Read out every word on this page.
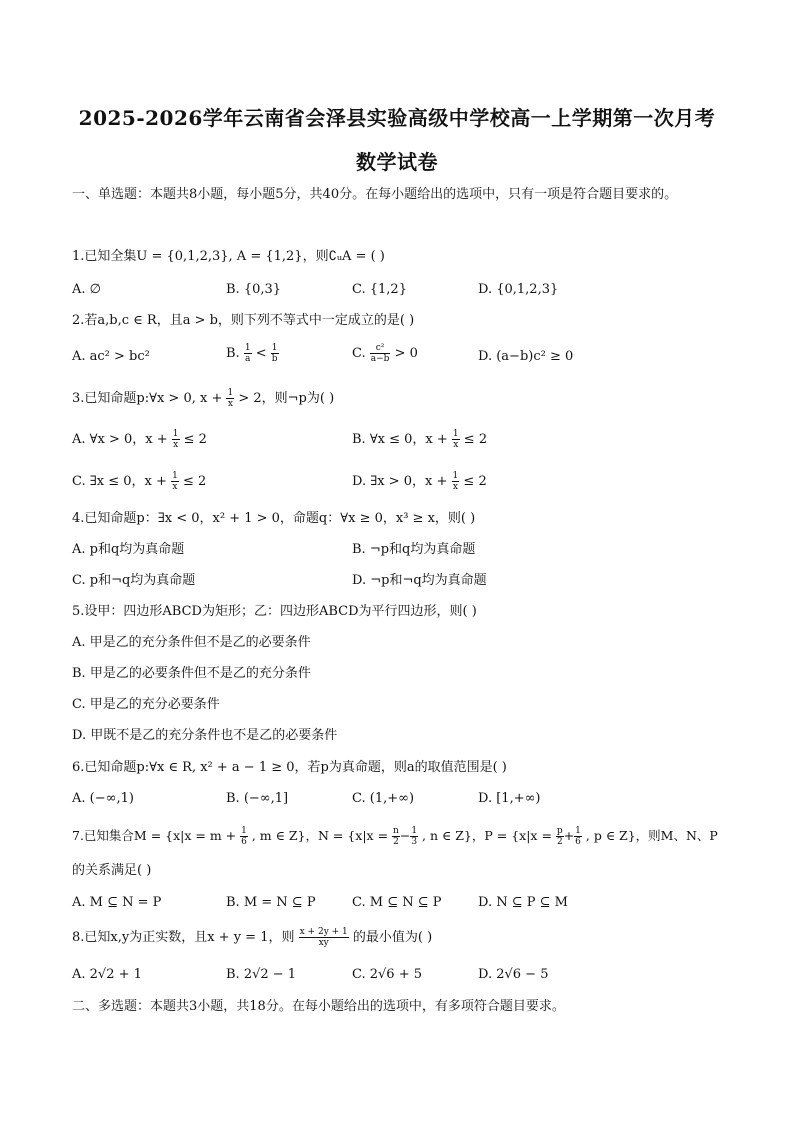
2025-2026学年云南省会泽县实验高级中学校高一上学期第一次月考
数学试卷
一、单选题：本题共8小题，每小题5分，共40分。在每小题给出的选项中，只有一项是符合题目要求的。
1.已知全集U = {0,1,2,3}, A = {1,2}，则∁ᵤA = ( )
A. ∅	B. {0,3}	C. {1,2}	D. {0,1,2,3}
2.若a,b,c ∈ R，且a > b，则下列不等式中一定成立的是( )
A. ac² > bc²	B. $\frac{1}{a} < \frac{1}{b}$	C. $\frac{\text{c²}}{a-b} > 0$	D. (a−b)c² ≥ 0
3.已知命题p:∀x > 0, $x + \frac{1}{x} > 2$，则¬p为( )
A. ∀x > 0，$x + \frac{1}{x} \le 2$	B. ∀x ≤ 0，$x + \frac{1}{x} \le 2$
C. ∃x ≤ 0，$x + \frac{1}{x} \le 2$	D. ∃x > 0，$x + \frac{1}{x} \le 2$
4.已知命题p：∃x < 0，x² + 1 > 0，命题q：∀x ≥ 0，x³ ≥ x，则( )
A. p和q均为真命题	B. ¬p和q均为真命题
C. p和¬q均为真命题	D. ¬p和¬q均为真命题
5.设甲：四边形ABCD为矩形；乙：四边形ABCD为平行四边形，则( )
A. 甲是乙的充分条件但不是乙的必要条件
B. 甲是乙的必要条件但不是乙的充分条件
C. 甲是乙的充分必要条件
D. 甲既不是乙的充分条件也不是乙的必要条件
6.已知命题p:∀x ∈ R, x² + a − 1 ≥ 0，若p为真命题，则a的取值范围是( )
A. (−∞,1)	B. (−∞,1]	C. (1,+∞)	D. [1,+∞)
7.已知集合$M = \{x|x = m + \frac{1}{6}$ , m ∈ Z}，$N = \{x|x = \frac{n}{2} - \frac{1}{3}$ , n ∈ Z}，$P = \{x|x = \frac{p}{2} + \frac{1}{6}$ , p ∈ Z}，则M、N、P
的关系满足( )
A. M ⊆ N = P	B. M = N ⊆ P	C. M ⊆ N ⊆ P	D. N ⊆ P ⊆ M
8.已知x,y为正实数，且x + y = 1，则 $\frac{x + 2y + 1}{xy}$ 的最小值为( )
A. 2√2 + 1	B. 2√2 − 1	C. 2√6 + 5	D. 2√6 − 5
二、多选题：本题共3小题，共18分。在每小题给出的选项中，有多项符合题目要求。
